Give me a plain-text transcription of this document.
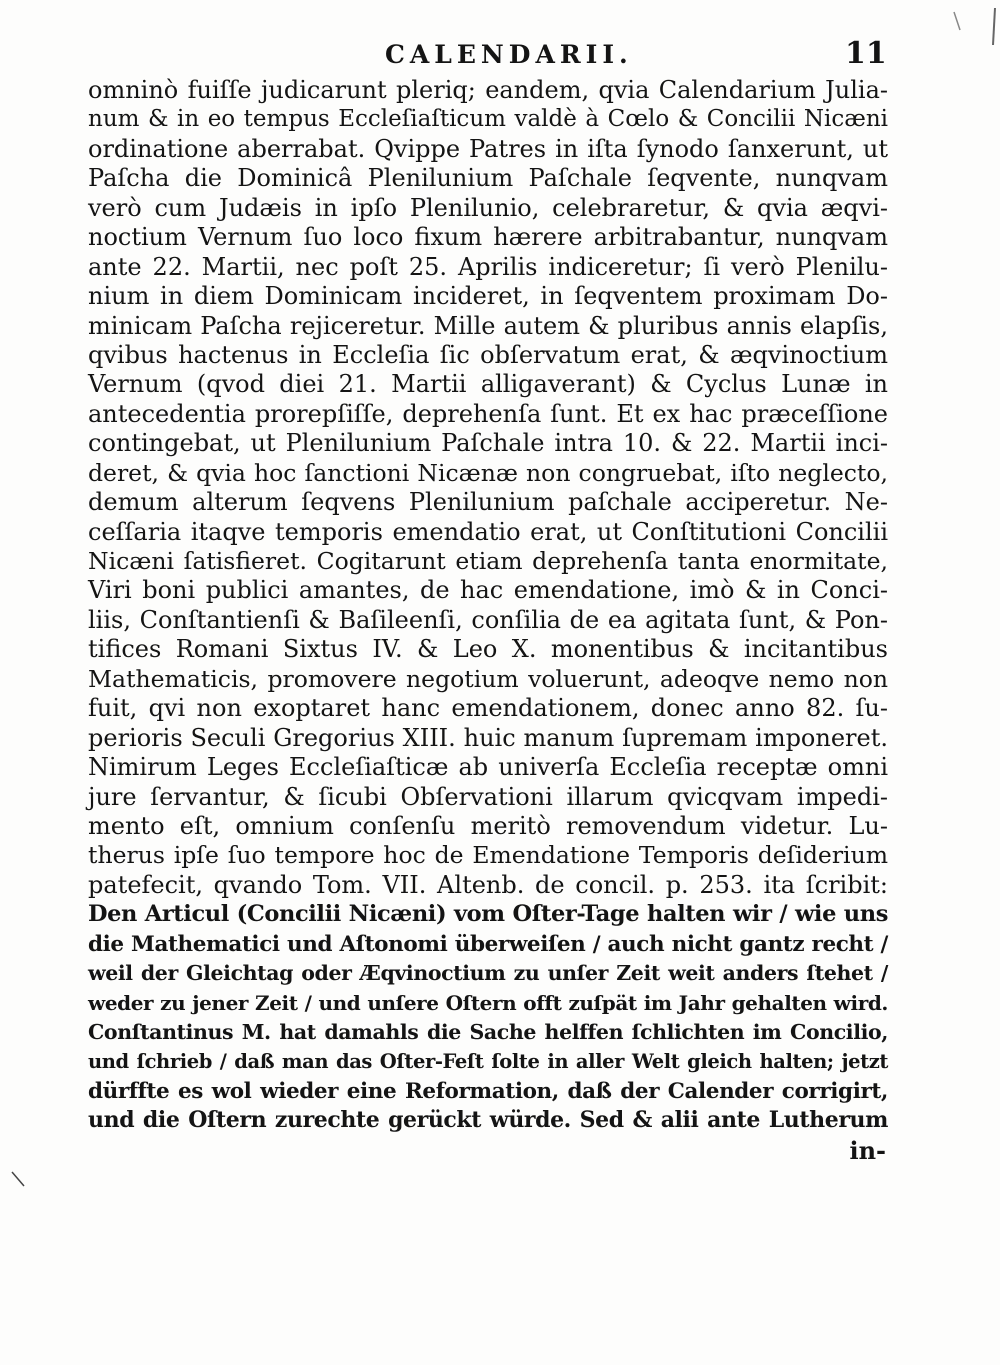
CALENDARII.	11
omninò fuiſſe judicarunt pleriq; eandem, qvia Calendarium Julia-
num & in eo tempus Eccleſiaſticum valdè à Cœlo & Concilii Nicæni
ordinatione aberrabat. Qvippe Patres in iſta ſynodo ſanxerunt, ut
Paſcha die Dominicâ Plenilunium Paſchale ſeqvente, nunqvam
verò cum Judæis in ipſo Plenilunio, celebraretur, & qvia æqvi-
noctium Vernum ſuo loco fixum hærere arbitrabantur, nunqvam
ante 22. Martii, nec poſt 25. Aprilis indiceretur; ſi verò Plenilu-
nium in diem Dominicam incideret, in ſeqventem proximam Do-
minicam Paſcha rejiceretur. Mille autem & pluribus annis elapſis,
qvibus hactenus in Eccleſia ſic obſervatum erat, & æqvinoctium
Vernum (qvod diei 21. Martii alligaverant) & Cyclus Lunæ in
antecedentia prorepſiſſe, deprehenſa ſunt. Et ex hac præceſſione
contingebat, ut Plenilunium Paſchale intra 10. & 22. Martii inci-
deret, & qvia hoc ſanctioni Nicænæ non congruebat, iſto neglecto,
demum alterum ſeqvens Plenilunium paſchale acciperetur. Ne-
ceſſaria itaqve temporis emendatio erat, ut Conſtitutioni Concilii
Nicæni ſatisfieret. Cogitarunt etiam deprehenſa tanta enormitate,
Viri boni publici amantes, de hac emendatione, imò & in Conci-
liis, Conſtantienſi & Baſileenſi, conſilia de ea agitata ſunt, & Pon-
tifices Romani Sixtus IV. & Leo X. monentibus & incitantibus
Mathematicis, promovere negotium voluerunt, adeoqve nemo non
fuit, qvi non exoptaret hanc emendationem, donec anno 82. ſu-
perioris Seculi Gregorius XIII. huic manum ſupremam imponeret.
Nimirum Leges Eccleſiaſticæ ab univerſa Eccleſia receptæ omni
jure ſervantur, & ſicubi Obſervationi illarum qvicqvam impedi-
mento eſt, omnium conſenſu meritò removendum videtur. Lu-
therus ipſe ſuo tempore hoc de Emendatione Temporis deſiderium
patefecit, qvando Tom. VII. Altenb. de concil. p. 253. ita ſcribit:
Den Articul (Concilii Nicæni) vom Oſter-Tage halten wir / wie uns
die Mathematici und Aſtonomi überweiſen / auch nicht gantz recht /
weil der Gleichtag oder Æqvinoctium zu unſer Zeit weit anders ſtehet /
weder zu jener Zeit / und unſere Oſtern offt zuſpät im Jahr gehalten wird.
Conſtantinus M. hat damahls die Sache helffen ſchlichten im Concilio,
und ſchrieb / daß man das Oſter-Feſt ſolte in aller Welt gleich halten; jetzt
dürffte es wol wieder eine Reformation, daß der Calender corrigirt,
und die Oſtern zurechte gerückt würde. Sed & alii ante Lutherum
in-
